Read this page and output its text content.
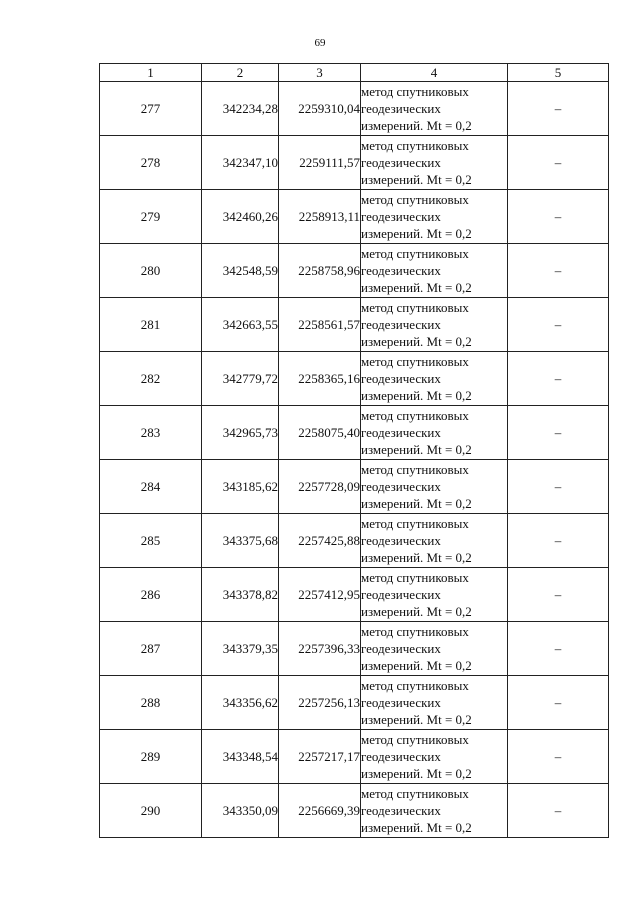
69
1	2	3	4	5
277	342234,28	2259310,04	метод спутниковых
геодезических
измерений. Mt = 0,2	–
278	342347,10	2259111,57	метод спутниковых
геодезических
измерений. Mt = 0,2	–
279	342460,26	2258913,11	метод спутниковых
геодезических
измерений. Mt = 0,2	–
280	342548,59	2258758,96	метод спутниковых
геодезических
измерений. Mt = 0,2	–
281	342663,55	2258561,57	метод спутниковых
геодезических
измерений. Mt = 0,2	–
282	342779,72	2258365,16	метод спутниковых
геодезических
измерений. Mt = 0,2	–
283	342965,73	2258075,40	метод спутниковых
геодезических
измерений. Mt = 0,2	–
284	343185,62	2257728,09	метод спутниковых
геодезических
измерений. Mt = 0,2	–
285	343375,68	2257425,88	метод спутниковых
геодезических
измерений. Mt = 0,2	–
286	343378,82	2257412,95	метод спутниковых
геодезических
измерений. Mt = 0,2	–
287	343379,35	2257396,33	метод спутниковых
геодезических
измерений. Mt = 0,2	–
288	343356,62	2257256,13	метод спутниковых
геодезических
измерений. Mt = 0,2	–
289	343348,54	2257217,17	метод спутниковых
геодезических
измерений. Mt = 0,2	–
290	343350,09	2256669,39	метод спутниковых
геодезических
измерений. Mt = 0,2	–
